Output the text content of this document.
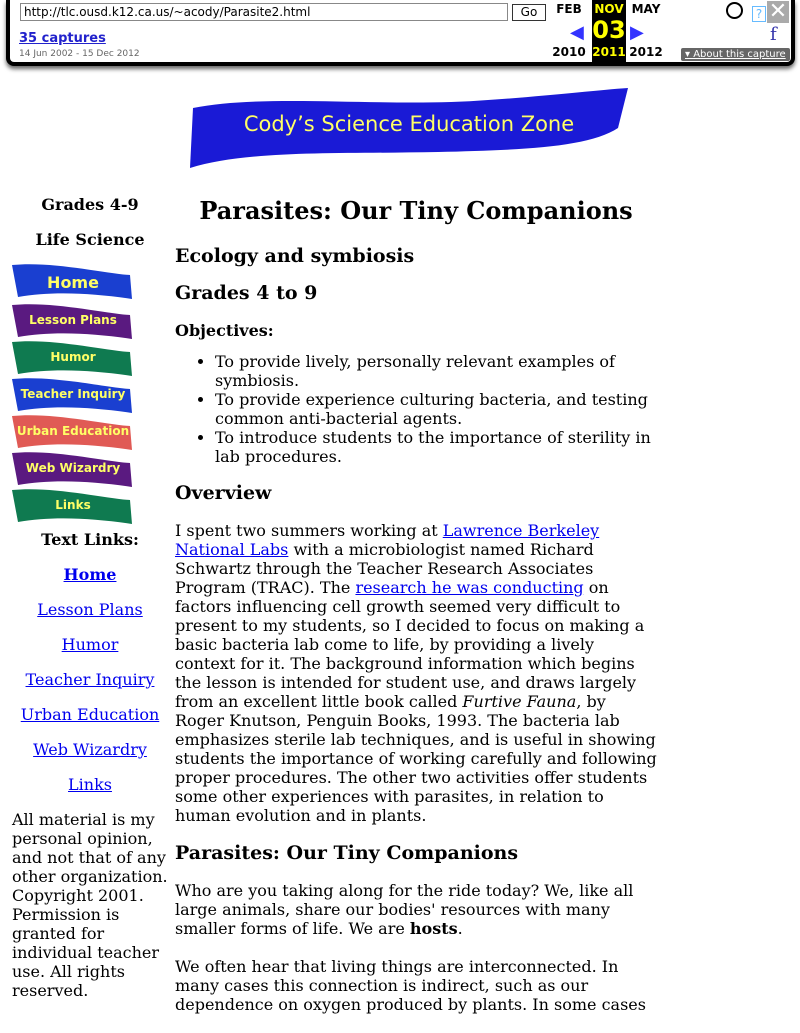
http://tlc.ousd.k12.ca.us/~acody/Parasite2.html	Go
35 captures
14 Jun 2002 - 15 Dec 2012
FEB	NOV MAY
◀ 03 ▶
2010 2011 2012
? ✕
f
▾ About this capture
Cody’s Science Education Zone
Grades 4-9
Life Science
Home
Lesson Plans
Humor
Teacher Inquiry
Urban Education
Web Wizardry
Links
Text Links:
Home
Lesson Plans
Humor
Teacher Inquiry
Urban Education
Web Wizardry
Links
All material is my personal opinion, and not that of any other organization. Copyright 2001. Permission is granted for individual teacher use. All rights reserved.
Parasites: Our Tiny Companions
Ecology and symbiosis
Grades 4 to 9
Objectives:
• To provide lively, personally relevant examples of symbiosis.
• To provide experience culturing bacteria, and testing common anti-bacterial agents.
• To introduce students to the importance of sterility in lab procedures.
Overview

I spent two summers working at Lawrence Berkeley National Labs with a microbiologist named Richard Schwartz through the Teacher Research Associates Program (TRAC). The research he was conducting on factors influencing cell growth seemed very difficult to present to my students, so I decided to focus on making a basic bacteria lab come to life, by providing a lively context for it. The background information which begins the lesson is intended for student use, and draws largely from an excellent little book called Furtive Fauna, by Roger Knutson, Penguin Books, 1993. The bacteria lab emphasizes sterile lab techniques, and is useful in showing students the importance of working carefully and following proper procedures. The other two activities offer students some other experiences with parasites, in relation to human evolution and in plants.

Parasites: Our Tiny Companions

Who are you taking along for the ride today? We, like all large animals, share our bodies' resources with many smaller forms of life. We are hosts.

We often hear that living things are interconnected. In many cases this connection is indirect, such as our dependence on oxygen produced by plants. In some cases
